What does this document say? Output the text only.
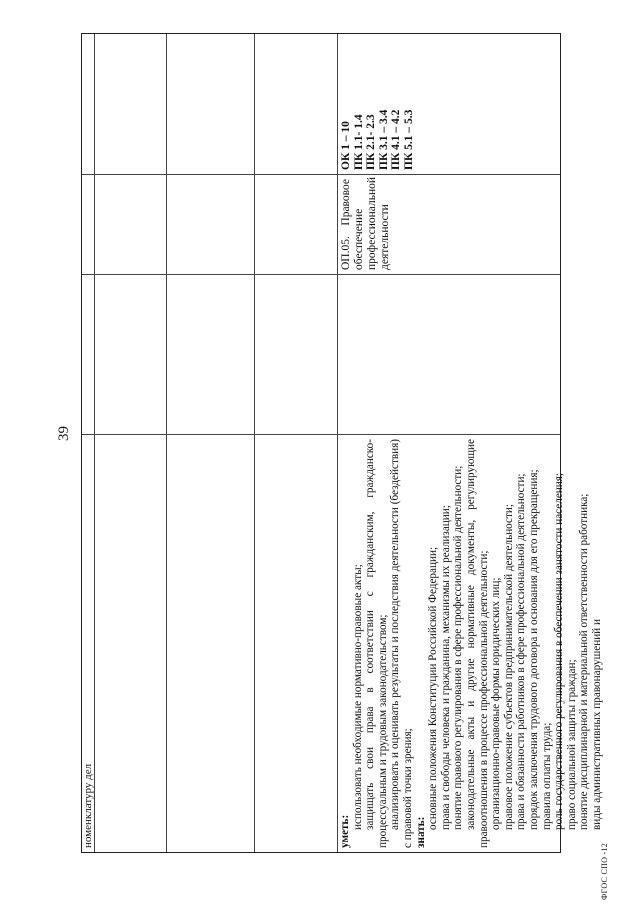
39
номенклатуру дел	уметь:

использовать необходимые нормативно-правовые акты; защищать свои права в соответствии с гражданским, гражданско-процессуальным и трудовым законодательством; анализировать и оценивать результаты и последствия деятельности (бездействия) с правовой точки зрения; знать:

основные положения Конституции Российской Федерации; права и свободы человека и гражданина, механизмы их реализации; понятие правового регулирования в сфере профессиональной деятельности; законодательные акты и другие нормативные документы, регулирующие правоотношения в процессе профессиональной деятельности; организационно-правовые формы юридических лиц; правовое положение субъектов предпринимательской деятельности; права и обязанности работников в сфере профессиональной деятельности; порядок заключения трудового договора и основания для его прекращения; правила оплаты труда; роль государственного регулирования в обеспечении занятости населения; право социальной защиты граждан; понятие дисциплинарной и материальной ответственности работника; виды административных правонарушений и

ОП.05.
Правовое
обеспечение профессиональной деятельности
ОК 1 – 10 ПК 1.1- 1.4 ПК 2.1- 2.3 ПК 3.1 – 3.4 ПК 4.1 – 4.2 ПК 5.1 – 5.3
ФГОС СПО -12
